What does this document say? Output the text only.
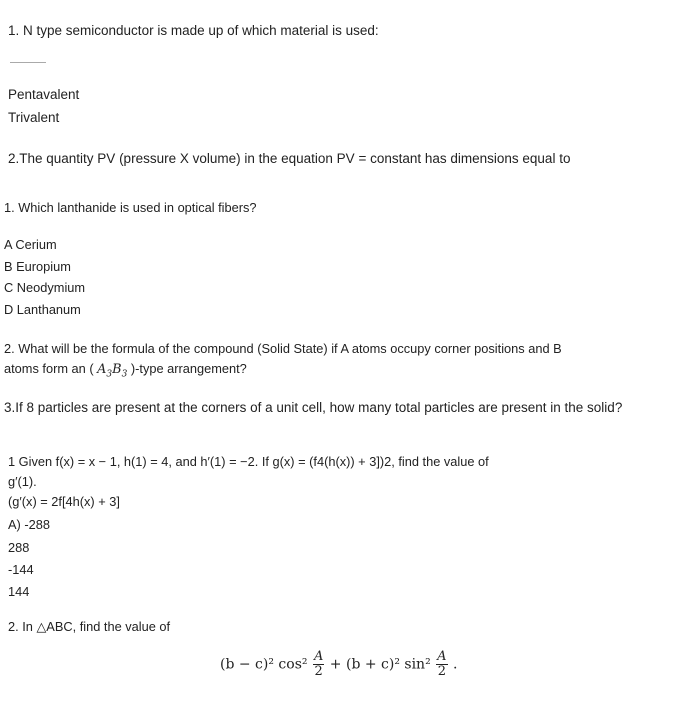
1. N type semiconductor is made up of which material is used:
Pentavalent
Trivalent
2.The quantity PV (pressure X volume) in the equation PV = constant has dimensions equal to
1. Which lanthanide is used in optical fibers?
A Cerium
B Europium
C Neodymium
D Lanthanum
2. What will be the formula of the compound (Solid State) if A atoms occupy corner positions and B
atoms form an ( $A_3B_3$ )-type arrangement?
3.If 8 particles are present at the corners of a unit cell, how many total particles are present in the solid?
1 Given f(x) = x − 1, h(1) = 4, and h′(1) = −2. If g(x) = (f4(h(x)) + 3])2, find the value of
g′(1).
(g′(x) = 2f[4h(x) + 3]
A) -288
288
-144
144
2. In △ABC, find the value of
(b − c)² $\cos^2 \frac{A}{2} + (b + c)^2$ $\sin^2 \frac{A}{2}$ .
